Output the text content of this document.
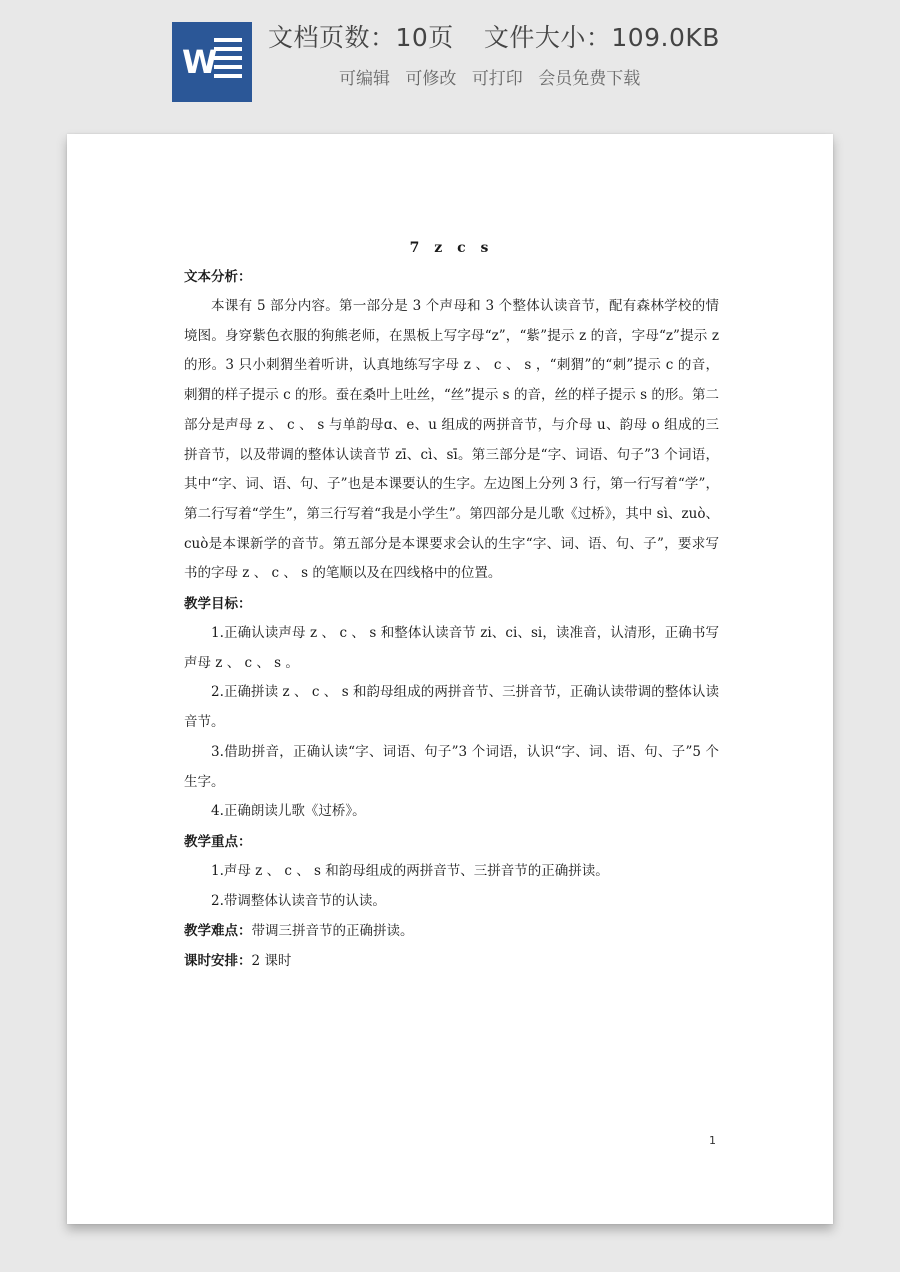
W
文档页数：10页 文件大小：109.0KB
可编辑 可修改 可打印 会员免费下载
7 z c s
文本分析：

本课有 5 部分内容。第一部分是 3 个声母和 3 个整体认读音节，配有森林学校的情境图。身穿紫色衣服的狗熊老师，在黑板上写字母“z”，“紫”提示 z 的音，字母“z”提示 z 的形。3 只小刺猬坐着听讲，认真地练写字母 z 、 c 、 s ，“刺猬”的“刺”提示 c 的音，刺猬的样子提示 c 的形。蚕在桑叶上吐丝，“丝”提示 s 的音，丝的样子提示 s 的形。第二部分是声母 z 、 c 、 s 与单韵母ɑ、e、u 组成的两拼音节，与介母 u、韵母 o 组成的三拼音节，以及带调的整体认读音节 zī、cì、sī。第三部分是“字、词语、句子”3 个词语，其中“字、词、语、句、子”也是本课要认的生字。左边图上分列 3 行，第一行写着“学”，第二行写着“学生”，第三行写着“我是小学生”。第四部分是儿歌《过桥》，其中 sì、zuò、cuò是本课新学的音节。第五部分是本课要求会认的生字“字、词、语、句、子”，要求写书的字母 z 、 c 、 s 的笔顺以及在四线格中的位置。

教学目标：

1.正确认读声母 z 、 c 、 s 和整体认读音节 zi、ci、si，读准音，认清形，正确书写声母 z 、 c 、 s 。

2.正确拼读 z 、 c 、 s 和韵母组成的两拼音节、三拼音节，正确认读带调的整体认读音节。

3.借助拼音，正确认读“字、词语、句子”3 个词语，认识“字、词、语、句、子”5 个生字。

4.正确朗读儿歌《过桥》。

教学重点：

1.声母 z 、 c 、 s 和韵母组成的两拼音节、三拼音节的正确拼读。

2.带调整体认读音节的认读。

教学难点：带调三拼音节的正确拼读。
课时安排：2 课时
1
